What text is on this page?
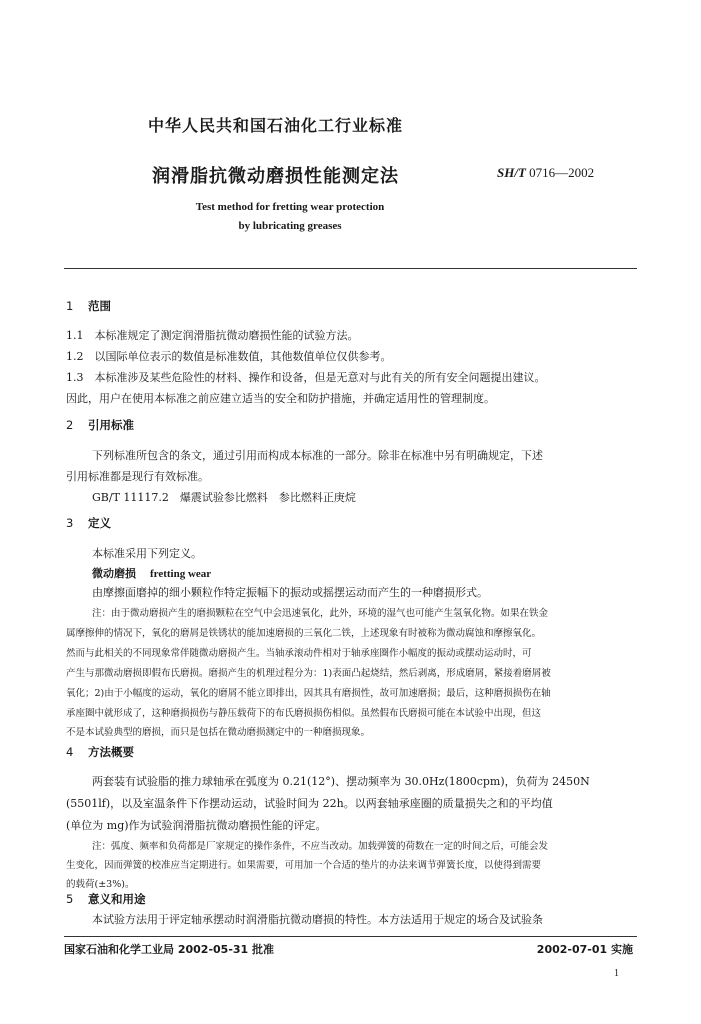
中华人民共和国石油化工行业标准
润滑脂抗微动磨损性能测定法	SH/T 0716—2002
Test method for fretting wear protection
by lubricating greases
1 范围
1.1　本标准规定了测定润滑脂抗微动磨损性能的试验方法。
1.2　以国际单位表示的数值是标准数值，其他数值单位仅供参考。
1.3　本标准涉及某些危险性的材料、操作和设备，但是无意对与此有关的所有安全问题提出建议。
因此，用户在使用本标准之前应建立适当的安全和防护措施，并确定适用性的管理制度。
2 引用标准
下列标准所包含的条文，通过引用而构成本标准的一部分。除非在标准中另有明确规定，下述
引用标准都是现行有效标准。
GB/T 11117.2　爆震试验参比燃料　参比燃料正庚烷
3 定义
本标准采用下列定义。
微动磨损 fretting wear
由摩擦面磨掉的细小颗粒作特定振幅下的振动或摇摆运动而产生的一种磨损形式。
注：由于微动磨损产生的磨损颗粒在空气中会迅速氧化，此外，环境的湿气也可能产生氢氧化物。如果在铁金
属摩擦伸的情况下，氧化的磨屑是铁锈状的能加速磨损的三氧化二铁，上述现象有时被称为微动腐蚀和摩擦氧化。
然而与此相关的不同现象常伴随微动磨损产生。当轴承滚动件相对于轴承座圈作小幅度的振动或摆动运动时，可
产生与那微动磨损即假布氏磨损。磨损产生的机理过程分为：1)表面凸起烧结，然后剥离，形成磨屑，紧接着磨屑被
氧化；2)由于小幅度的运动，氧化的磨屑不能立即排出，因其具有磨损性，故可加速磨损；最后，这种磨损损伤在轴
承座圈中就形成了，这种磨损损伤与静压载荷下的布氏磨损损伤相似。虽然假布氏磨损可能在本试验中出现，但这
不是本试验典型的磨损，而只是包括在微动磨损测定中的一种磨损现象。
4 方法概要
两套装有试验脂的推力球轴承在弧度为 0.21(12°)、摆动频率为 30.0Hz(1800cpm)，负荷为 2450N
(5501lf)，以及室温条件下作摆动运动，试验时间为 22h。以两套轴承座圈的质量损失之和的平均值
(单位为 mg)作为试验润滑脂抗微动磨损性能的评定。
注：弧度、频率和负荷都是厂家规定的操作条件，不应当改动。加载弹簧的荷数在一定的时间之后，可能会发
生变化，因而弹簧的校准应当定期进行。如果需要，可用加一个合适的垫片的办法来调节弹簧长度，以使得到需要
的载荷(±3%)。
5 意义和用途
本试验方法用于评定轴承摆动时润滑脂抗微动磨损的特性。本方法适用于规定的场合及试验条
国家石油和化学工业局 2002-05-31 批准	2002-07-01 实施
1
